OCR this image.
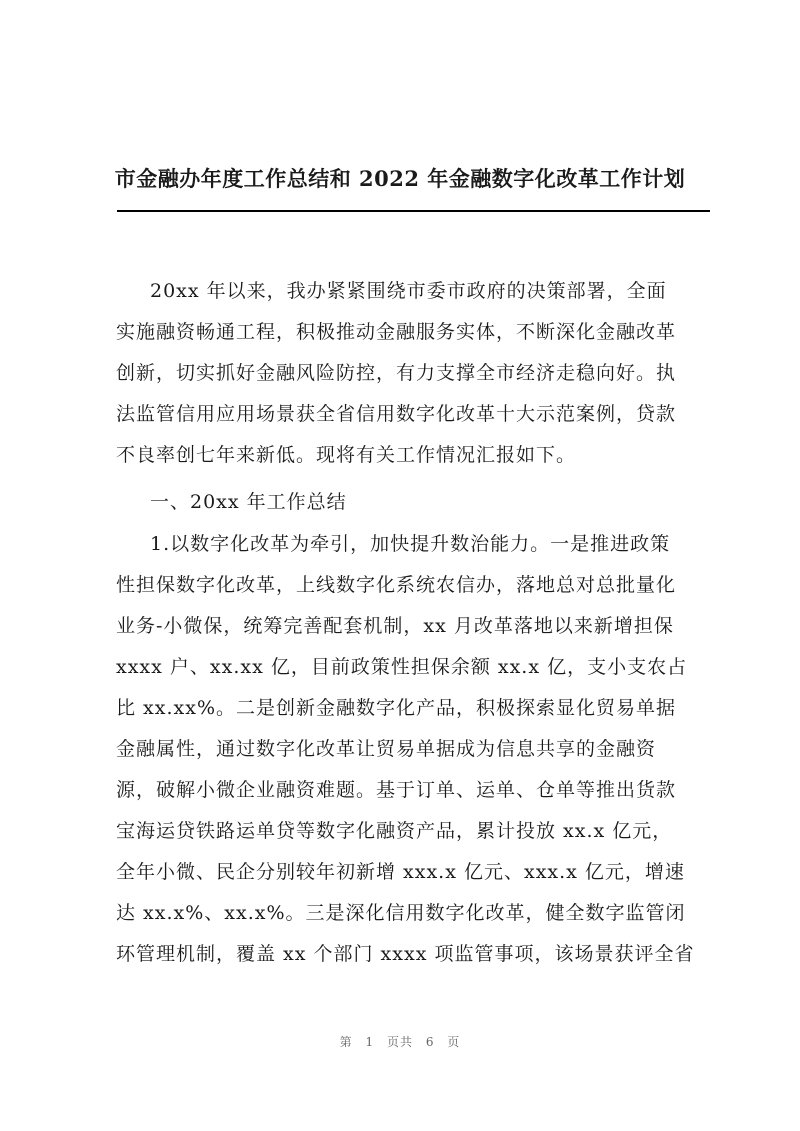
市金融办年度工作总结和 2022 年金融数字化改革工作计划
20xx 年以来，我办紧紧围绕市委市政府的决策部署，全面
实施融资畅通工程，积极推动金融服务实体，不断深化金融改革
创新，切实抓好金融风险防控，有力支撑全市经济走稳向好。执
法监管信用应用场景获全省信用数字化改革十大示范案例，贷款
不良率创七年来新低。现将有关工作情况汇报如下。
一、20xx 年工作总结
1.以数字化改革为牵引，加快提升数治能力。一是推进政策
性担保数字化改革，上线数字化系统农信办，落地总对总批量化
业务-小微保，统筹完善配套机制，xx 月改革落地以来新增担保
xxxx 户、xx.xx 亿，目前政策性担保余额 xx.x 亿，支小支农占
比 xx.xx%。二是创新金融数字化产品，积极探索显化贸易单据
金融属性，通过数字化改革让贸易单据成为信息共享的金融资
源，破解小微企业融资难题。基于订单、运单、仓单等推出货款
宝海运贷铁路运单贷等数字化融资产品，累计投放 xx.x 亿元，
全年小微、民企分别较年初新增 xxx.x 亿元、xxx.x 亿元，增速
达 xx.x%、xx.x%。三是深化信用数字化改革，健全数字监管闭
环管理机制，覆盖 xx 个部门 xxxx 项监管事项，该场景获评全省
第 1 页共 6 页
